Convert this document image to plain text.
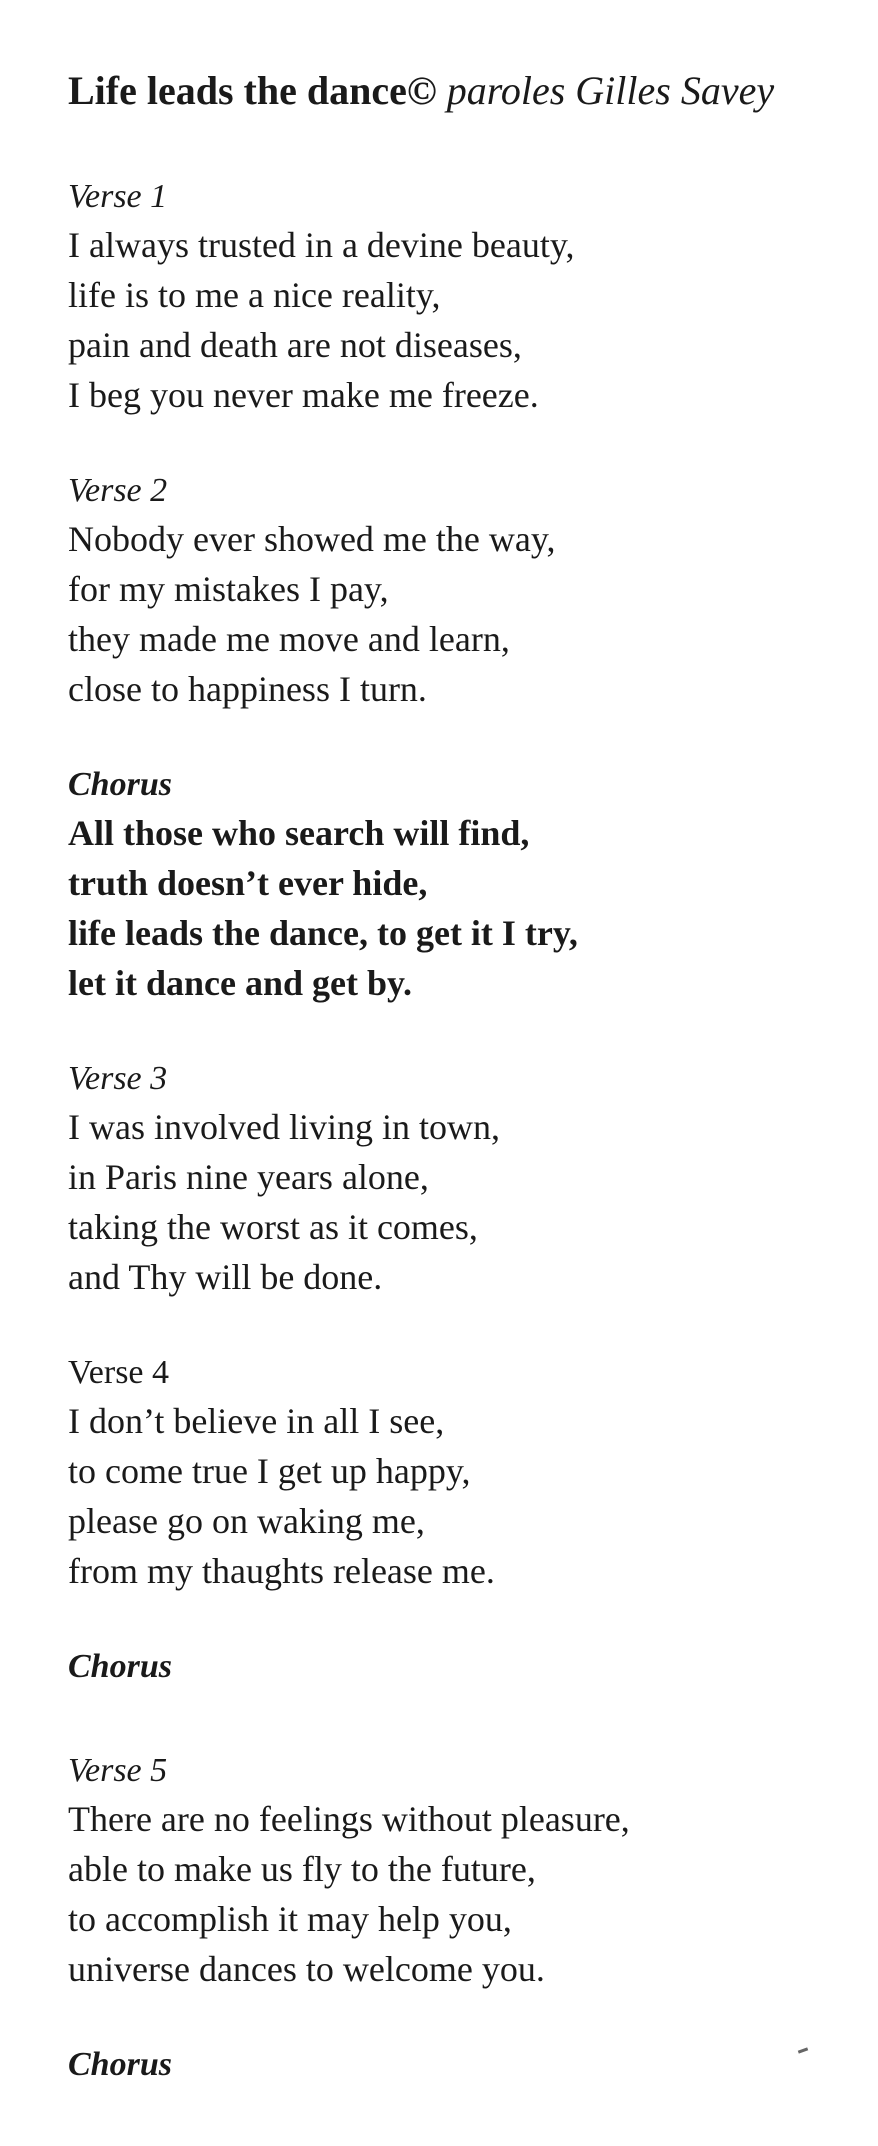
Life leads the dance© paroles Gilles Savey
Verse 1
I always trusted in a devine beauty,
life is to me a nice reality,
pain and death are not diseases,
I beg you never make me freeze.
Verse 2
Nobody ever showed me the way,
for my mistakes I pay,
they made me move and learn,
close to happiness I turn.
Chorus
All those who search will find,
truth doesn’t ever hide,
life leads the dance, to get it I try,
let it dance and get by.
Verse 3
I was involved living in town,
in Paris nine years alone,
taking the worst as it comes,
and Thy will be done.
Verse 4
I don’t believe in all I see,
to come true I get up happy,
please go on waking me,
from my thaughts release me.
Chorus
Verse 5
There are no feelings without pleasure,
able to make us fly to the future,
to accomplish it may help you,
universe dances to welcome you.
Chorus
